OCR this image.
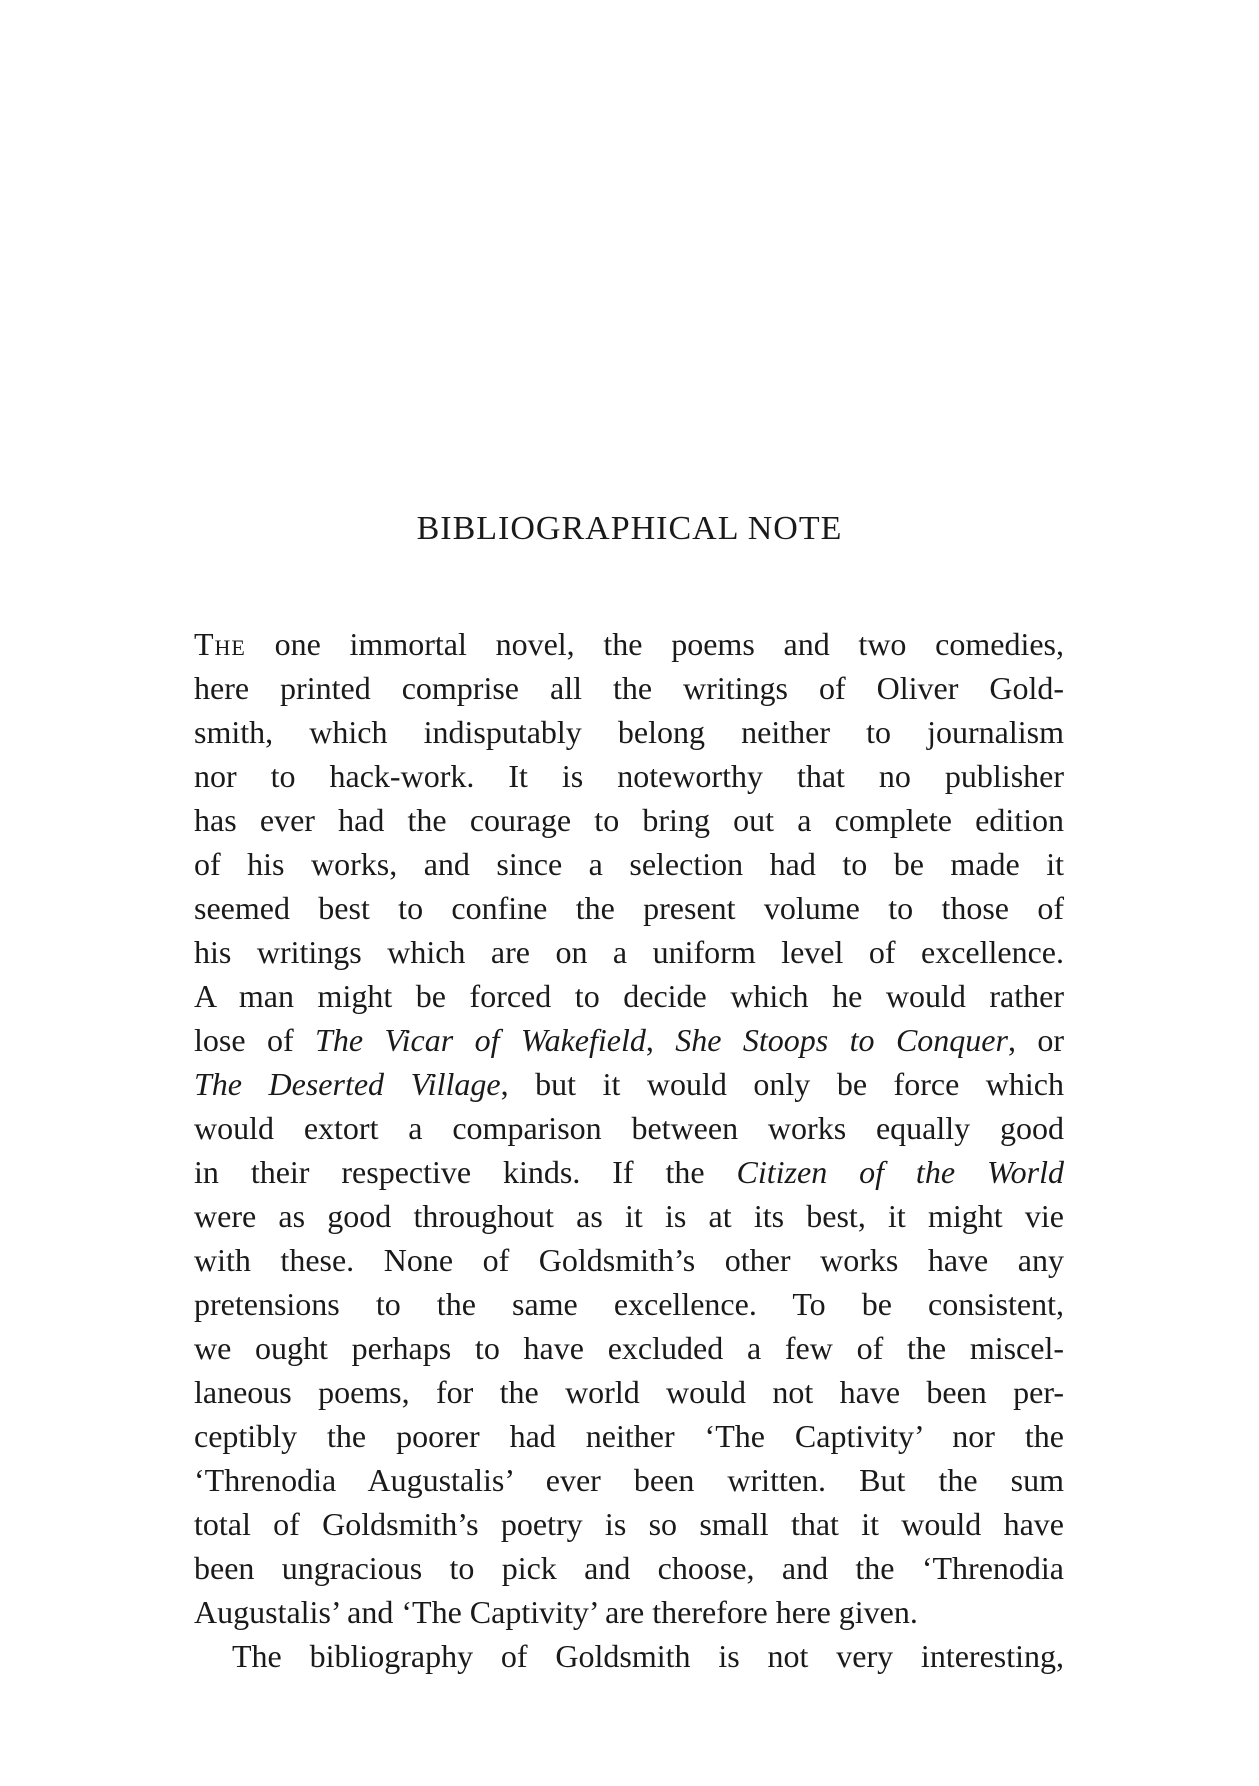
BIBLIOGRAPHICAL NOTE
The one immortal novel, the poems and two comedies,
here printed comprise all the writings of Oliver Gold-
smith, which indisputably belong neither to journalism
nor to hack-work. It is noteworthy that no publisher
has ever had the courage to bring out a complete edition
of his works, and since a selection had to be made it
seemed best to confine the present volume to those of
his writings which are on a uniform level of excellence.
A man might be forced to decide which he would rather
lose of The Vicar of Wakefield, She Stoops to Conquer, or
The Deserted Village, but it would only be force which
would extort a comparison between works equally good
in their respective kinds. If the Citizen of the World
were as good throughout as it is at its best, it might vie
with these. None of Goldsmith’s other works have any
pretensions to the same excellence. To be consistent,
we ought perhaps to have excluded a few of the miscel-
laneous poems, for the world would not have been per-
ceptibly the poorer had neither ‘The Captivity’ nor the
‘Threnodia Augustalis’ ever been written. But the sum
total of Goldsmith’s poetry is so small that it would have
been ungracious to pick and choose, and the ‘Threnodia
Augustalis’ and ‘The Captivity’ are therefore here given.
The bibliography of Goldsmith is not very interesting,
